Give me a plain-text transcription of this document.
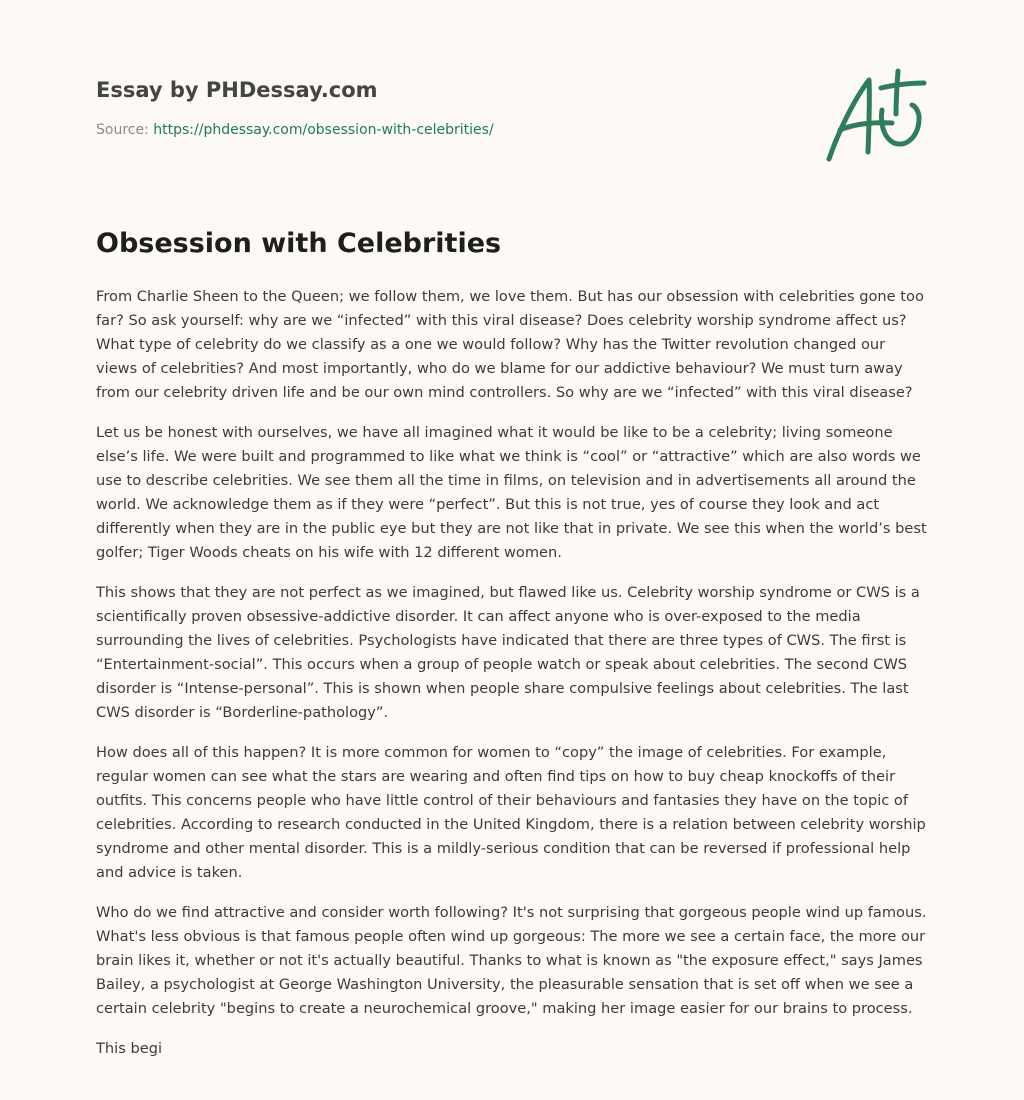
Essay by PHDessay.com
Source: https://phdessay.com/obsession-with-celebrities/
Obsession with Celebrities

From Charlie Sheen to the Queen; we follow them, we love them. But has our obsession with celebrities gone too far? So ask yourself: why are we “infected” with this viral disease? Does celebrity worship syndrome affect us? What type of celebrity do we classify as a one we would follow? Why has the Twitter revolution changed our views of celebrities? And most importantly, who do we blame for our addictive behaviour? We must turn away from our celebrity driven life and be our own mind controllers. So why are we “infected” with this viral disease?

Let us be honest with ourselves, we have all imagined what it would be like to be a celebrity; living someone else’s life. We were built and programmed to like what we think is “cool” or “attractive” which are also words we use to describe celebrities. We see them all the time in films, on television and in advertisements all around the world. We acknowledge them as if they were “perfect”. But this is not true, yes of course they look and act differently when they are in the public eye but they are not like that in private. We see this when the world’s best golfer; Tiger Woods cheats on his wife with 12 different women.

This shows that they are not perfect as we imagined, but flawed like us. Celebrity worship syndrome or CWS is a scientifically proven obsessive-addictive disorder. It can affect anyone who is over-exposed to the media surrounding the lives of celebrities. Psychologists have indicated that there are three types of CWS. The first is “Entertainment-social”. This occurs when a group of people watch or speak about celebrities. The second CWS disorder is “Intense-personal”. This is shown when people share compulsive feelings about celebrities. The last CWS disorder is “Borderline-pathology”.

How does all of this happen? It is more common for women to “copy” the image of celebrities. For example, regular women can see what the stars are wearing and often find tips on how to buy cheap knockoffs of their outfits. This concerns people who have little control of their behaviours and fantasies they have on the topic of celebrities. According to research conducted in the United Kingdom, there is a relation between celebrity worship syndrome and other mental disorder. This is a mildly-serious condition that can be reversed if professional help and advice is taken.

Who do we find attractive and consider worth following? It's not surprising that gorgeous people wind up famous. What's less obvious is that famous people often wind up gorgeous: The more we see a certain face, the more our brain likes it, whether or not it's actually beautiful. Thanks to what is known as "the exposure effect," says James Bailey, a psychologist at George Washington University, the pleasurable sensation that is set off when we see a certain celebrity "begins to create a neurochemical groove," making her image easier for our brains to process.

This begi
